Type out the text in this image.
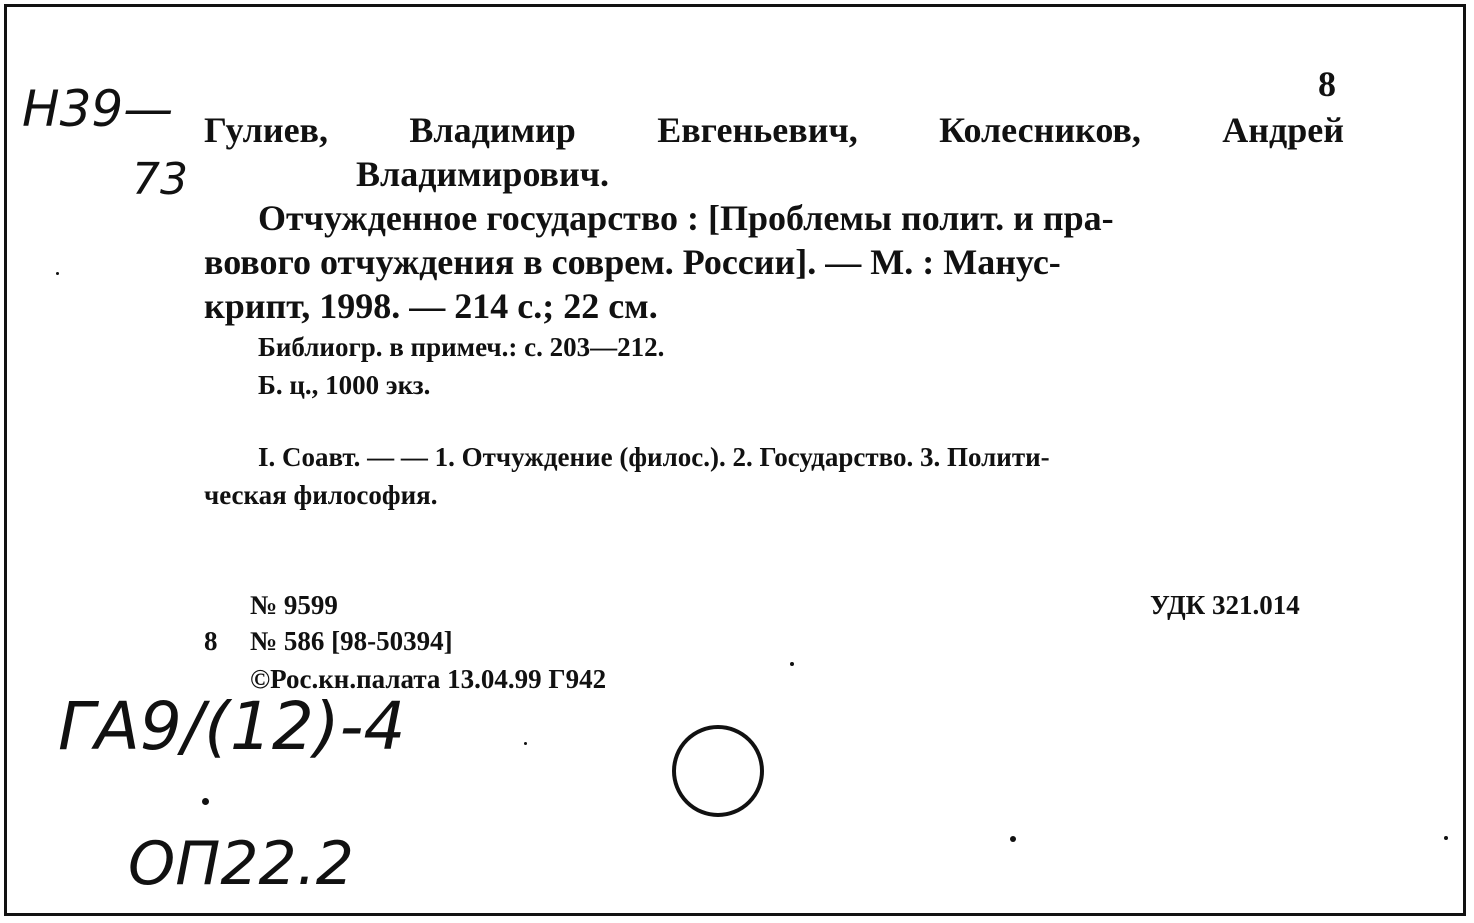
8
Н39—
73
Гулиев, Владимир Евгеньевич, Колесников, Андрей
Владимирович.
Отчужденное государство : [Проблемы полит. и пра-
вового отчуждения в соврем. России]. — М. : Манус-
крипт, 1998. — 214 с.; 22 см.
Библиогр. в примеч.: с. 203—212.
Б. ц., 1000 экз.
I. Соавт. — — 1. Отчуждение (филос.). 2. Государство. 3. Полити-
ческая философия.
№ 9599	УДК 321.014
8 № 586 [98-50394]
©Рос.кн.палата 13.04.99 Г942
ГА9/(12)-4
ОП22.2
